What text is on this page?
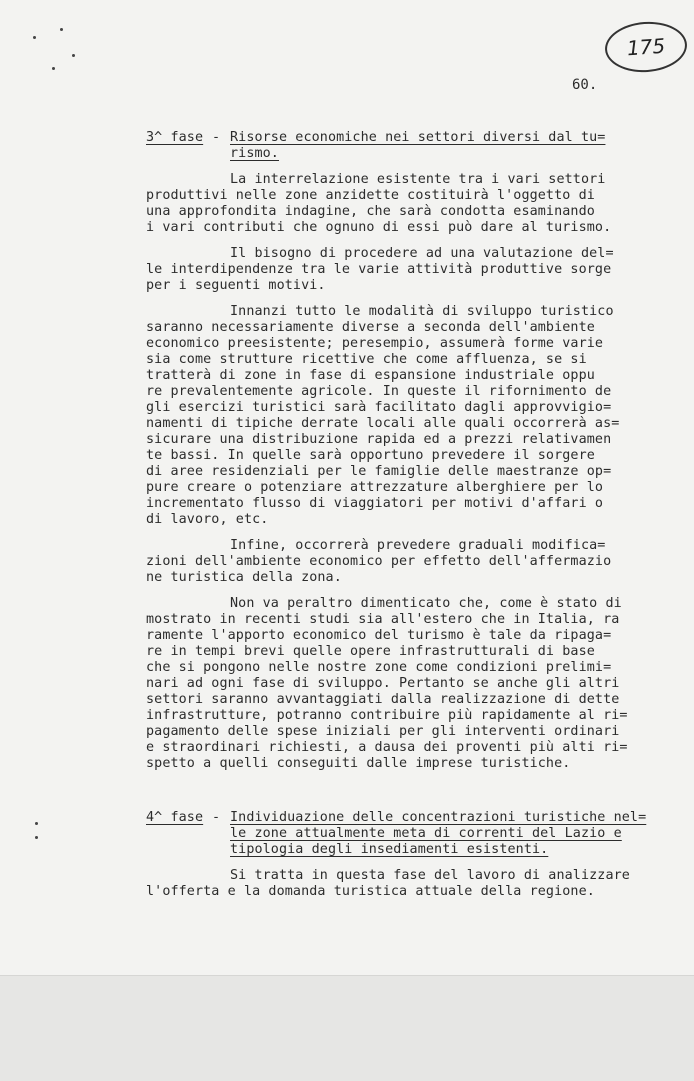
175
60.
3^ fase - Risorse economiche nei settori diversi dal tu=
rismo.
La interrelazione esistente tra i vari settori
produttivi nelle zone anzidette costituirà l'oggetto di
una approfondita indagine, che sarà condotta esaminando
i vari contributi che ognuno di essi può dare al turismo.
Il bisogno di procedere ad una valutazione del=
le interdipendenze tra le varie attività produttive sorge
per i seguenti motivi.
Innanzi tutto le modalità di sviluppo turistico
saranno necessariamente diverse a seconda dell'ambiente
economico preesistente; peresempio, assumerà forme varie
sia come strutture ricettive che come affluenza, se si
tratterà di zone in fase di espansione industriale oppu
re prevalentemente agricole. In queste il rifornimento de
gli esercizi turistici sarà facilitato dagli approvvigio=
namenti di tipiche derrate locali alle quali occorrerà as=
sicurare una distribuzione rapida ed a prezzi relativamen
te bassi. In quelle sarà opportuno prevedere il sorgere
di aree residenziali per le famiglie delle maestranze op=
pure creare o potenziare attrezzature alberghiere per lo
incrementato flusso di viaggiatori per motivi d'affari o
di lavoro, etc.
Infine, occorrerà prevedere graduali modifica=
zioni dell'ambiente economico per effetto dell'affermazio
ne turistica della zona.
Non va peraltro dimenticato che, come è stato di
mostrato in recenti studi sia all'estero che in Italia, ra
ramente l'apporto economico del turismo è tale da ripaga=
re in tempi brevi quelle opere infrastrutturali di base
che si pongono nelle nostre zone come condizioni prelimi=
nari ad ogni fase di sviluppo. Pertanto se anche gli altri
settori saranno avvantaggiati dalla realizzazione di dette
infrastrutture, potranno contribuire più rapidamente al ri=
pagamento delle spese iniziali per gli interventi ordinari
e straordinari richiesti, a dausa dei proventi più alti ri=
spetto a quelli conseguiti dalle imprese turistiche.
4^ fase - Individuazione delle concentrazioni turistiche nel=
le zone attualmente meta di correnti del Lazio e
tipologia degli insediamenti esistenti.
Si tratta in questa fase del lavoro di analizzare
l'offerta e la domanda turistica attuale della regione.
